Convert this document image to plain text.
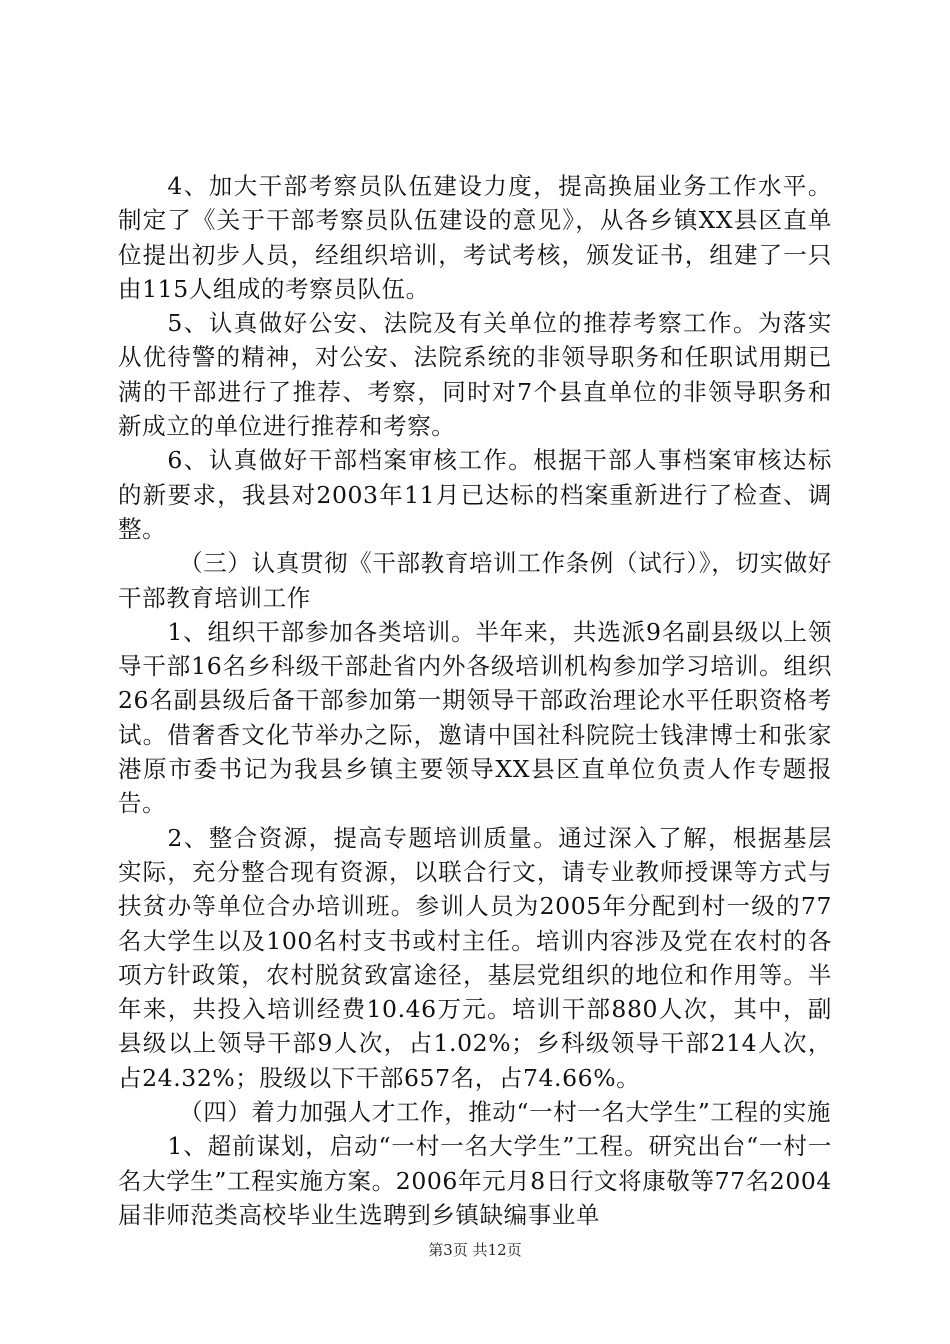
4、加大干部考察员队伍建设力度，提高换届业务工作水平。制定了《关于干部考察员队伍建设的意见》，从各乡镇XX县区直单位提出初步人员，经组织培训，考试考核，颁发证书，组建了一只由115人组成的考察员队伍。

5、认真做好公安、法院及有关单位的推荐考察工作。为落实从优待警的精神，对公安、法院系统的非领导职务和任职试用期已满的干部进行了推荐、考察，同时对7个县直单位的非领导职务和新成立的单位进行推荐和考察。

6、认真做好干部档案审核工作。根据干部人事档案审核达标的新要求，我县对2003年11月已达标的档案重新进行了检查、调整。

（三）认真贯彻《干部教育培训工作条例（试行）》，切实做好干部教育培训工作

1、组织干部参加各类培训。半年来，共选派9名副县级以上领导干部16名乡科级干部赴省内外各级培训机构参加学习培训。组织26名副县级后备干部参加第一期领导干部政治理论水平任职资格考试。借奢香文化节举办之际，邀请中国社科院院士钱津博士和张家港原市委书记为我县乡镇主要领导XX县区直单位负责人作专题报告。

2、整合资源，提高专题培训质量。通过深入了解，根据基层实际，充分整合现有资源，以联合行文，请专业教师授课等方式与扶贫办等单位合办培训班。参训人员为2005年分配到村一级的77名大学生以及100名村支书或村主任。培训内容涉及党在农村的各项方针政策，农村脱贫致富途径，基层党组织的地位和作用等。半年来，共投入培训经费10.46万元。培训干部880人次，其中，副县级以上领导干部9人次，占1.02%；乡科级领导干部214人次，占24.32%；股级以下干部657名，占74.66%。

（四）着力加强人才工作，推动“一村一名大学生”工程的实施

1、超前谋划，启动“一村一名大学生”工程。研究出台“一村一名大学生”工程实施方案。2006年元月8日行文将康敬等77名2004届非师范类高校毕业生选聘到乡镇缺编事业单

第3页 共12页
